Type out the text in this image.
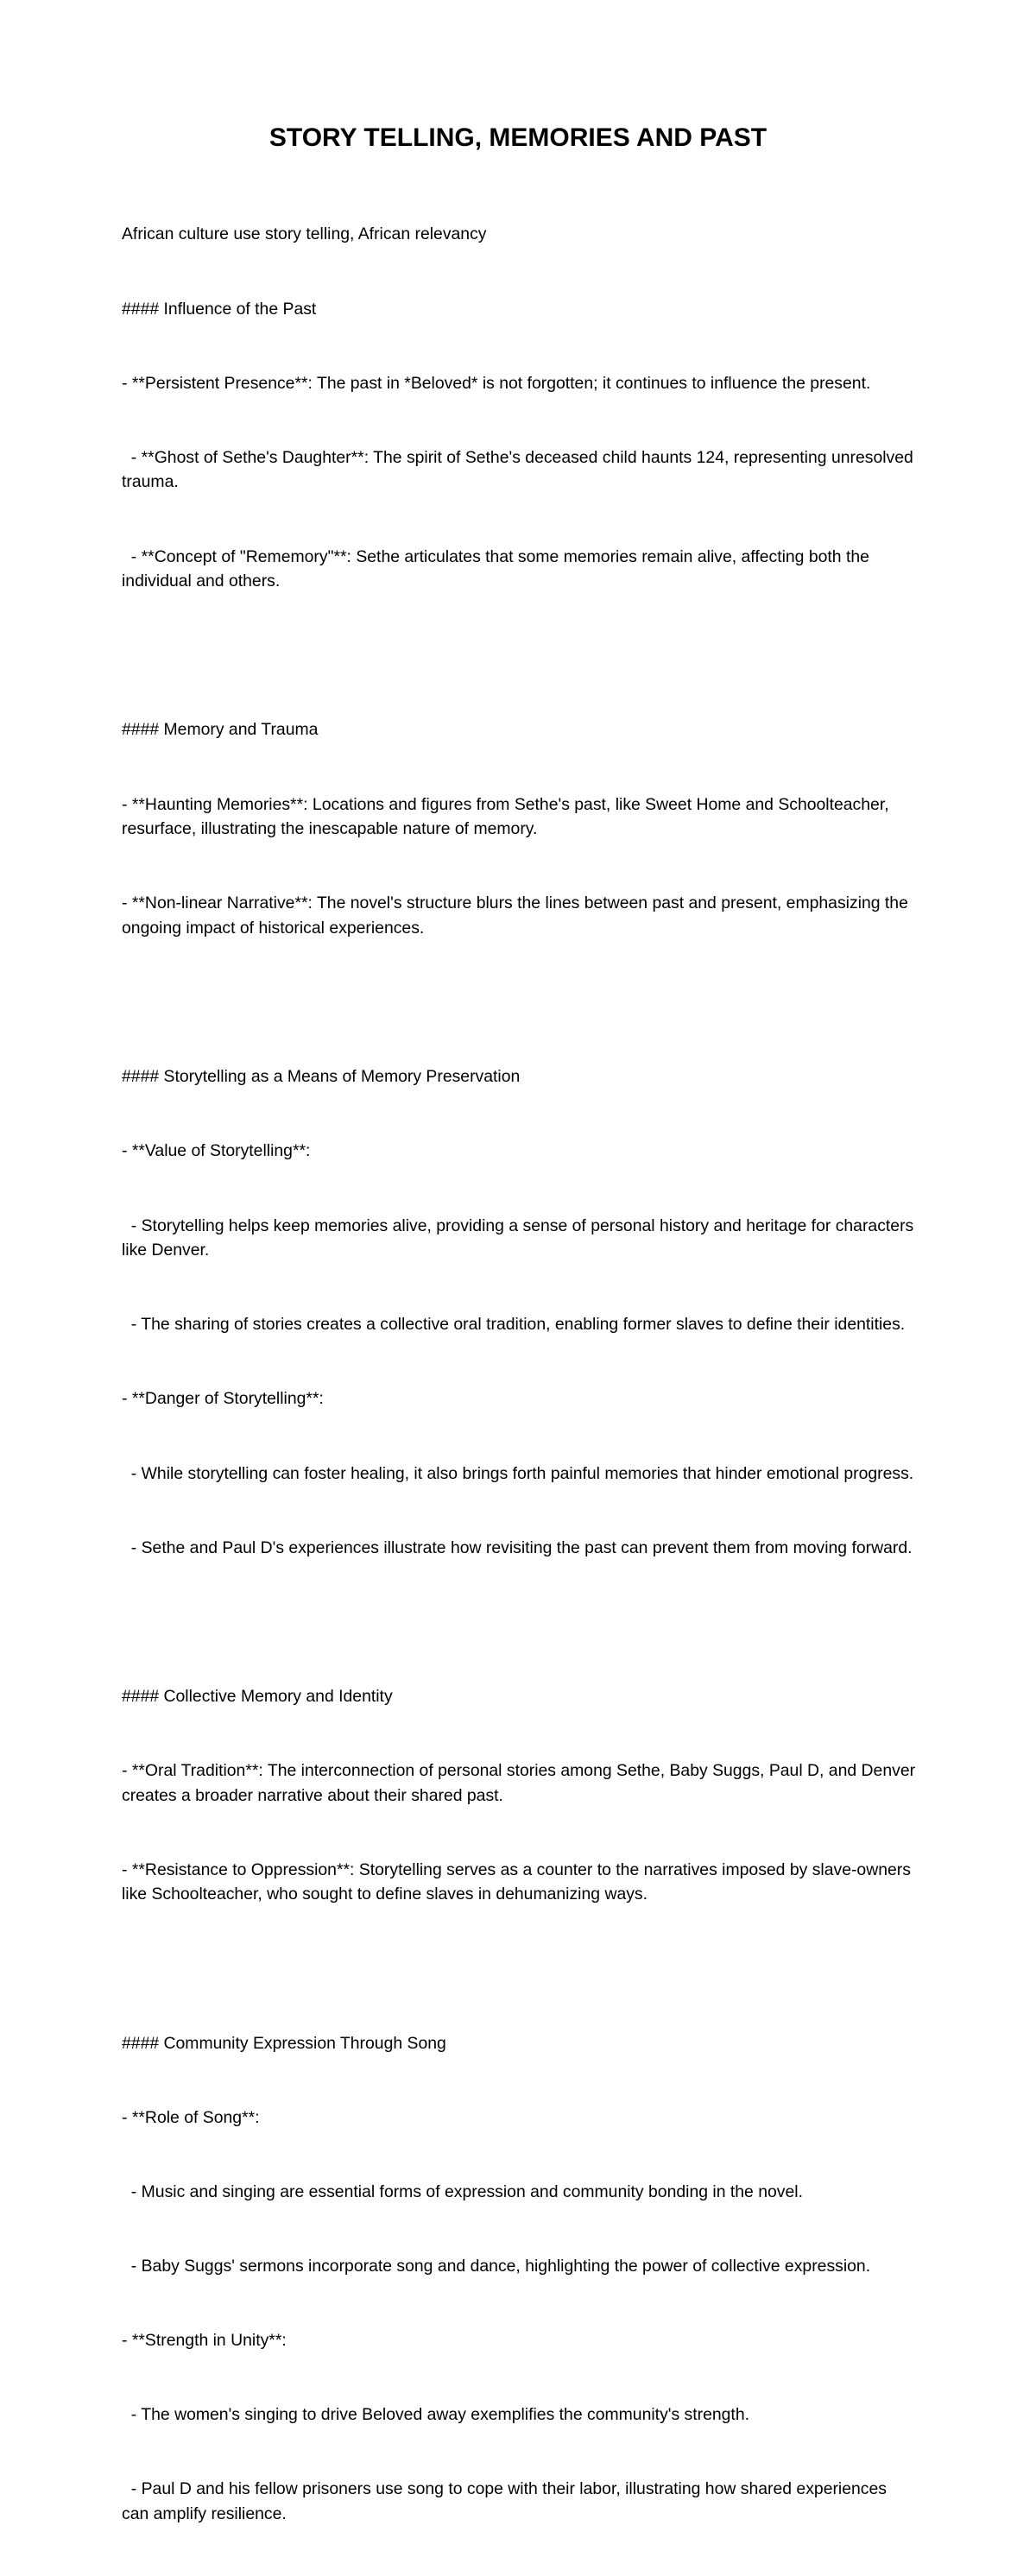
STORY TELLING, MEMORIES AND PAST

African culture use story telling, African relevancy

#### Influence of the Past

- **Persistent Presence**: The past in *Beloved* is not forgotten; it continues to influence the present.

- **Ghost of Sethe's Daughter**: The spirit of Sethe's deceased child haunts 124, representing unresolved trauma.

- **Concept of "Rememory"**: Sethe articulates that some memories remain alive, affecting both the individual and others.

#### Memory and Trauma

- **Haunting Memories**: Locations and figures from Sethe's past, like Sweet Home and Schoolteacher, resurface, illustrating the inescapable nature of memory.

- **Non-linear Narrative**: The novel's structure blurs the lines between past and present, emphasizing the ongoing impact of historical experiences.

#### Storytelling as a Means of Memory Preservation

- **Value of Storytelling**:

- Storytelling helps keep memories alive, providing a sense of personal history and heritage for characters like Denver.

- The sharing of stories creates a collective oral tradition, enabling former slaves to define their identities.

- **Danger of Storytelling**:

- While storytelling can foster healing, it also brings forth painful memories that hinder emotional progress.

- Sethe and Paul D's experiences illustrate how revisiting the past can prevent them from moving forward.

#### Collective Memory and Identity

- **Oral Tradition**: The interconnection of personal stories among Sethe, Baby Suggs, Paul D, and Denver creates a broader narrative about their shared past.

- **Resistance to Oppression**: Storytelling serves as a counter to the narratives imposed by slave-owners like Schoolteacher, who sought to define slaves in dehumanizing ways.

#### Community Expression Through Song

- **Role of Song**:

- Music and singing are essential forms of expression and community bonding in the novel.

- Baby Suggs' sermons incorporate song and dance, highlighting the power of collective expression.

- **Strength in Unity**:

- The women's singing to drive Beloved away exemplifies the community's strength.

- Paul D and his fellow prisoners use song to cope with their labor, illustrating how shared experiences can amplify resilience.
